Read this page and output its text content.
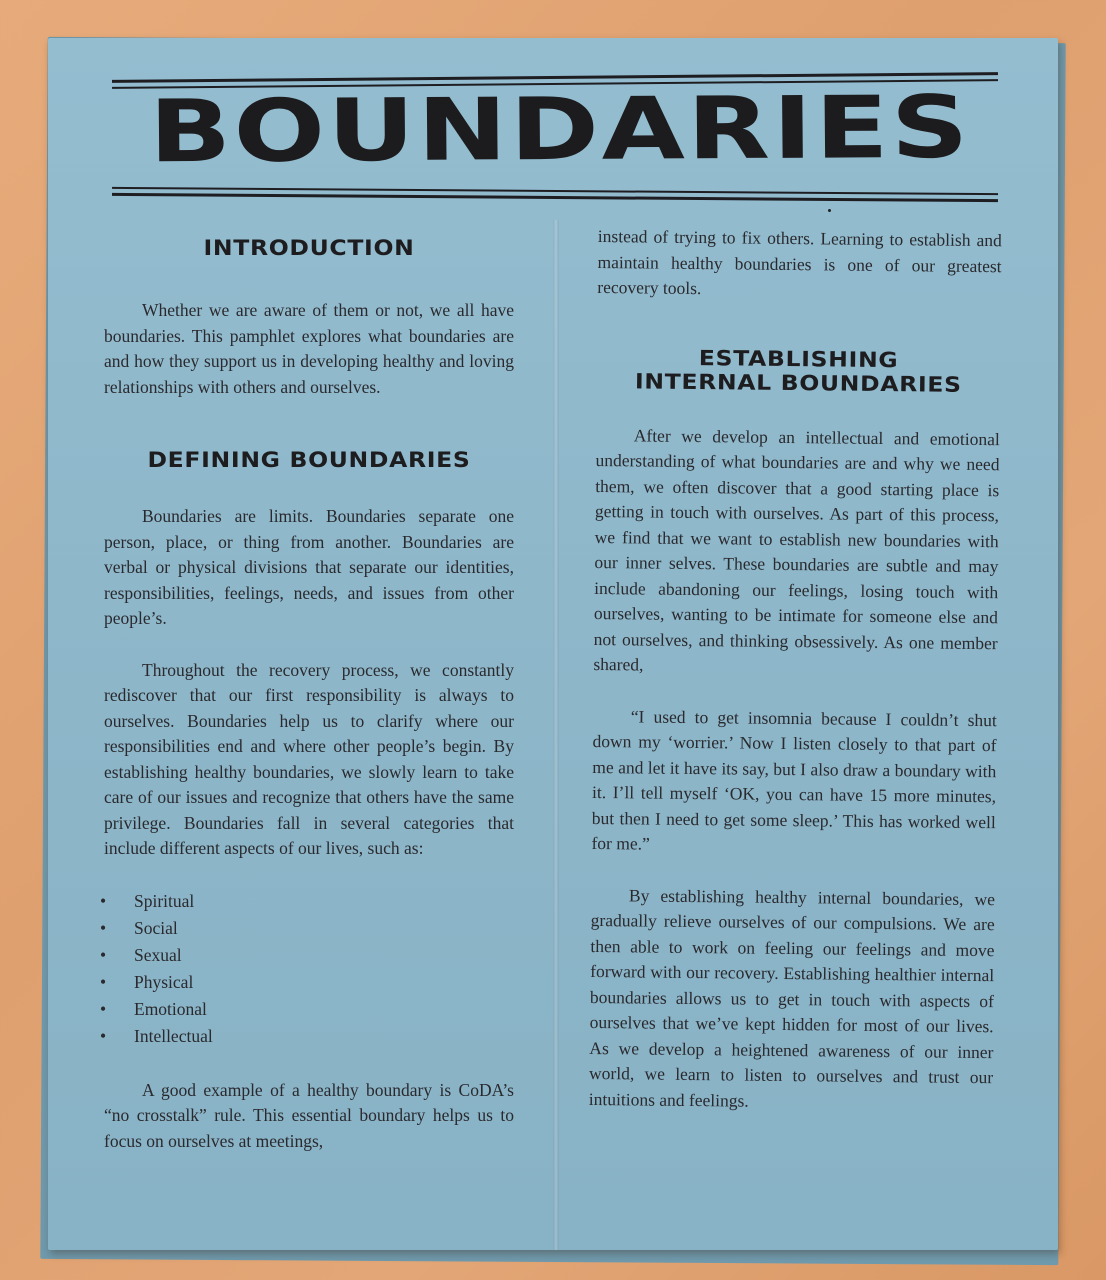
BOUNDARIES
INTRODUCTION

Whether we are aware of them or not, we all have boundaries. This pamphlet explores what boundaries are and how they support us in developing healthy and loving relationships with others and ourselves.

DEFINING BOUNDARIES

Boundaries are limits. Boundaries separate one person, place, or thing from another. Boundaries are verbal or physical divisions that separate our identities, responsibilities, feelings, needs, and issues from other people’s.

Throughout the recovery process, we constantly rediscover that our first responsibility is always to ourselves. Boundaries help us to clarify where our responsibilities end and where other people’s begin. By establishing healthy boundaries, we slowly learn to take care of our issues and recognize that others have the same privilege. Boundaries fall in several categories that include different aspects of our lives, such as:

• Spiritual
• Social
• Sexual
• Physical
• Emotional
• Intellectual

A good example of a healthy boundary is CoDA’s “no crosstalk” rule. This essential boundary helps us to focus on ourselves at meetings,

instead of trying to fix others. Learning to establish and maintain healthy boundaries is one of our greatest recovery tools.

ESTABLISHING
INTERNAL BOUNDARIES

After we develop an intellectual and emotional understanding of what boundaries are and why we need them, we often discover that a good starting place is getting in touch with ourselves. As part of this process, we find that we want to establish new boundaries with our inner selves. These boundaries are subtle and may include abandoning our feelings, losing touch with ourselves, wanting to be intimate for someone else and not ourselves, and thinking obsessively. As one member shared,

“I used to get insomnia because I couldn’t shut down my ‘worrier.’ Now I listen closely to that part of me and let it have its say, but I also draw a boundary with it. I’ll tell myself ‘OK, you can have 15 more minutes, but then I need to get some sleep.’ This has worked well for me.”

By establishing healthy internal boundaries, we gradually relieve ourselves of our compulsions. We are then able to work on feeling our feelings and move forward with our recovery. Establishing healthier internal boundaries allows us to get in touch with aspects of ourselves that we’ve kept hidden for most of our lives. As we develop a heightened awareness of our inner world, we learn to listen to ourselves and trust our intuitions and feelings.
